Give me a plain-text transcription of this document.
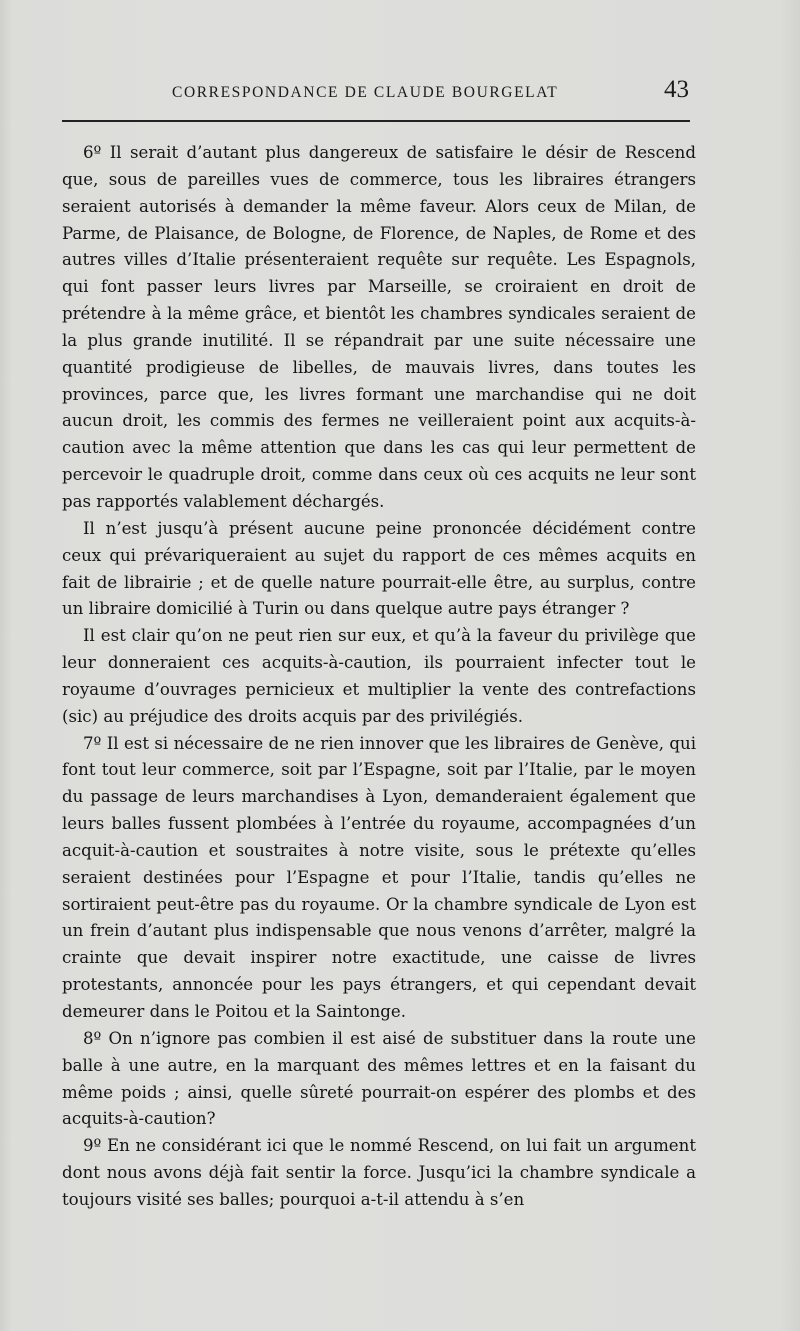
CORRESPONDANCE DE CLAUDE BOURGELAT	43

6º Il serait d’autant plus dangereux de satisfaire le désir de Rescend que, sous de pareilles vues de commerce, tous les libraires étrangers seraient autorisés à demander la même faveur. Alors ceux de Milan, de Parme, de Plaisance, de Bologne, de Florence, de Naples, de Rome et des autres villes d’Italie présenteraient requête sur requête. Les Espagnols, qui font passer leurs livres par Marseille, se croiraient en droit de prétendre à la même grâce, et bientôt les chambres syndicales seraient de la plus grande inutilité. Il se répandrait par une suite nécessaire une quantité prodigieuse de libelles, de mauvais livres, dans toutes les provinces, parce que, les livres formant une marchandise qui ne doit aucun droit, les commis des fermes ne veilleraient point aux acquits-à-caution avec la même attention que dans les cas qui leur permettent de percevoir le quadruple droit, comme dans ceux où ces acquits ne leur sont pas rapportés valablement déchargés.

Il n’est jusqu’à présent aucune peine prononcée décidément contre ceux qui prévariqueraient au sujet du rapport de ces mêmes acquits en fait de librairie ; et de quelle nature pourrait-elle être, au surplus, contre un libraire domicilié à Turin ou dans quelque autre pays étranger ?

Il est clair qu’on ne peut rien sur eux, et qu’à la faveur du privilège que leur donneraient ces acquits-à-caution, ils pourraient infecter tout le royaume d’ouvrages pernicieux et multiplier la vente des contrefactions (sic) au préjudice des droits acquis par des privilégiés.

7º Il est si nécessaire de ne rien innover que les libraires de Genève, qui font tout leur commerce, soit par l’Espagne, soit par l’Italie, par le moyen du passage de leurs marchandises à Lyon, demanderaient également que leurs balles fussent plombées à l’entrée du royaume, accompagnées d’un acquit-à-caution et soustraites à notre visite, sous le prétexte qu’elles seraient destinées pour l’Espagne et pour l’Italie, tandis qu’elles ne sortiraient peut-être pas du royaume. Or la chambre syndicale de Lyon est un frein d’autant plus indispensable que nous venons d’arrêter, malgré la crainte que devait inspirer notre exactitude, une caisse de livres protestants, annoncée pour les pays étrangers, et qui cependant devait demeurer dans le Poitou et la Saintonge.

8º On n’ignore pas combien il est aisé de substituer dans la route une balle à une autre, en la marquant des mêmes lettres et en la faisant du même poids ; ainsi, quelle sûreté pourrait-on espérer des plombs et des acquits-à-caution?

9º En ne considérant ici que le nommé Rescend, on lui fait un argument dont nous avons déjà fait sentir la force. Jusqu’ici la chambre syndicale a toujours visité ses balles; pourquoi a-t-il attendu à s’en
